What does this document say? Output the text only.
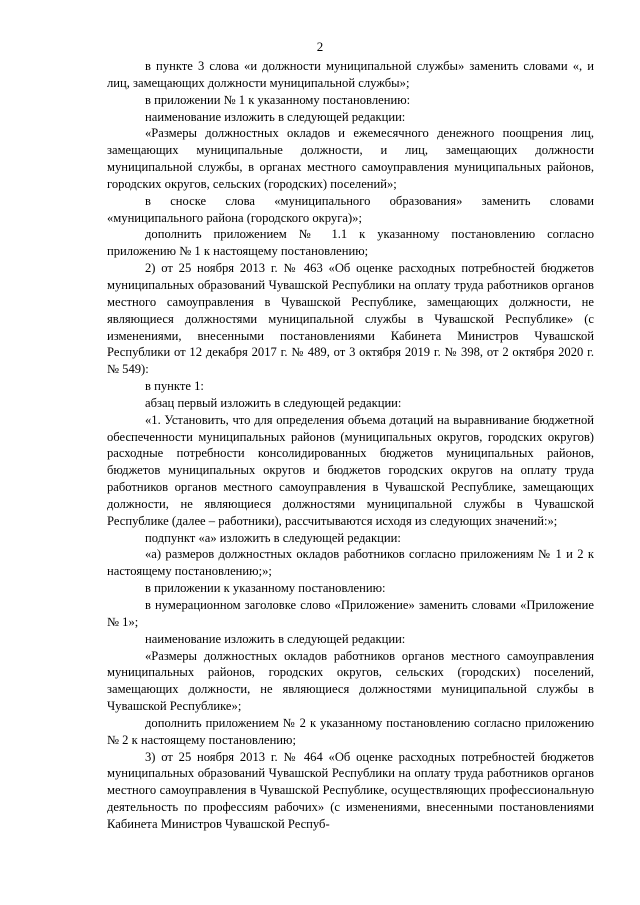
2

в пункте 3 слова «и должности муниципальной службы» заменить словами «, и лиц, замещающих должности муниципальной службы»;

в приложении № 1 к указанному постановлению:

наименование изложить в следующей редакции:

«Размеры должностных окладов и ежемесячного денежного поощрения лиц, замещающих муниципальные должности, и лиц, замещающих должности муниципальной службы, в органах местного самоуправления муниципальных районов, городских округов, сельских (городских) поселений»;

в сноске слова «муниципального образования» заменить словами «муниципального района (городского округа)»;

дополнить приложением № 1.1 к указанному постановлению согласно приложению № 1 к настоящему постановлению;

2) от 25 ноября 2013 г. № 463 «Об оценке расходных потребностей бюджетов муниципальных образований Чувашской Республики на оплату труда работников органов местного самоуправления в Чувашской Республике, замещающих должности, не являющиеся должностями муниципальной службы в Чувашской Республике» (с изменениями, внесенными постановлениями Кабинета Министров Чувашской Республики от 12 декабря 2017 г. № 489, от 3 октября 2019 г. № 398, от 2 октября 2020 г. № 549):

в пункте 1:

абзац первый изложить в следующей редакции:

«1. Установить, что для определения объема дотаций на выравнивание бюджетной обеспеченности муниципальных районов (муниципальных округов, городских округов) расходные потребности консолидированных бюджетов муниципальных районов, бюджетов муниципальных округов и бюджетов городских округов на оплату труда работников органов местного самоуправления в Чувашской Республике, замещающих должности, не являющиеся должностями муниципальной службы в Чувашской Республике (далее – работники), рассчитываются исходя из следующих значений:»;

подпункт «а» изложить в следующей редакции:

«а) размеров должностных окладов работников согласно приложениям № 1 и 2 к настоящему постановлению;»;

в приложении к указанному постановлению:

в нумерационном заголовке слово «Приложение» заменить словами «Приложение № 1»;

наименование изложить в следующей редакции:

«Размеры должностных окладов работников органов местного самоуправления муниципальных районов, городских округов, сельских (городских) поселений, замещающих должности, не являющиеся должностями муниципальной службы в Чувашской Республике»;

дополнить приложением № 2 к указанному постановлению согласно приложению № 2 к настоящему постановлению;

3) от 25 ноября 2013 г. № 464 «Об оценке расходных потребностей бюджетов муниципальных образований Чувашской Республики на оплату труда работников органов местного самоуправления в Чувашской Республике, осуществляющих профессиональную деятельность по профессиям рабочих» (с изменениями, внесенными постановлениями Кабинета Министров Чувашской Респуб-
